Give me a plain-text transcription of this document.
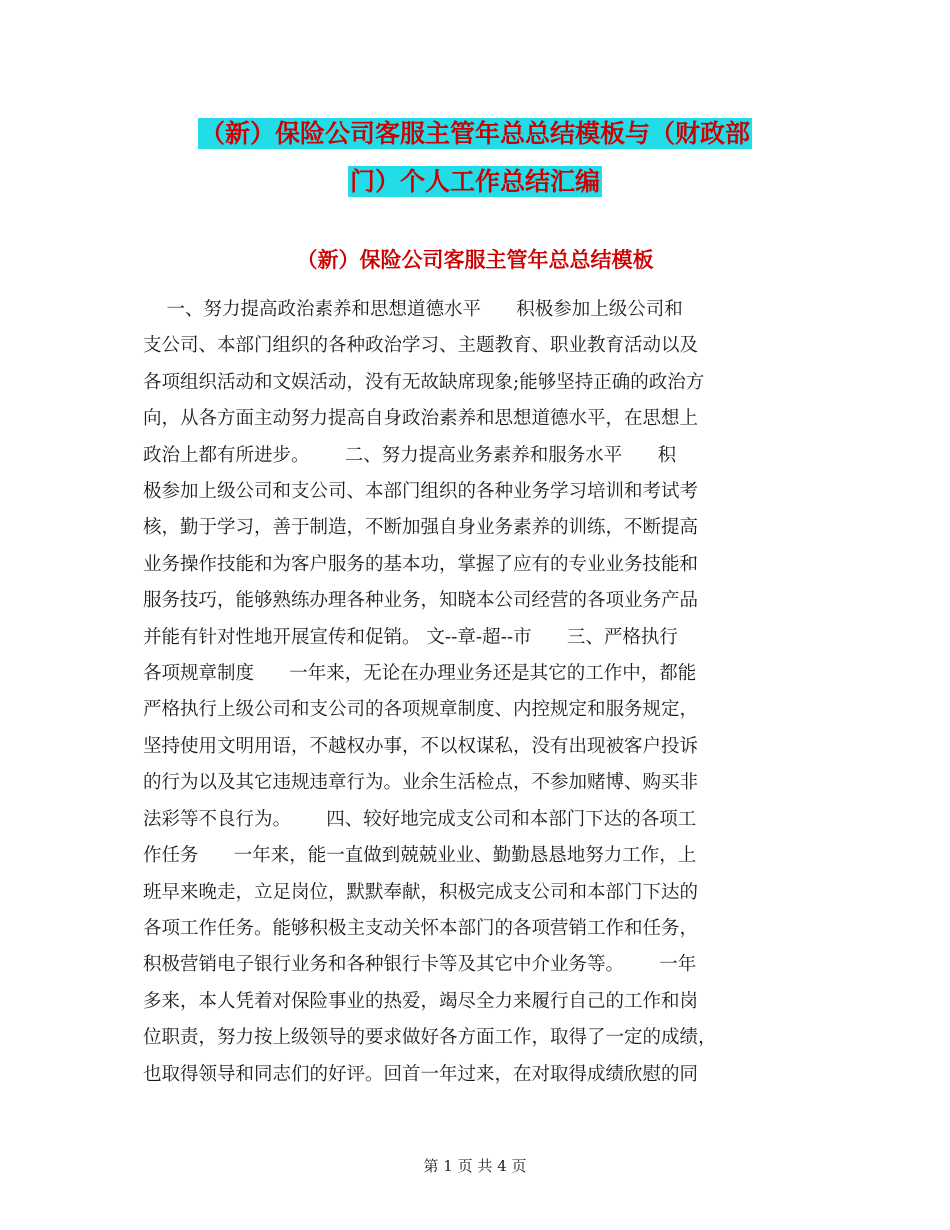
（新）保险公司客服主管年总总结模板与（财政部
门）个人工作总结汇编
（新）保险公司客服主管年总总结模板

一、努力提高政治素养和思想道德水平      积极参加上级公司和
支公司、本部门组织的各种政治学习、主题教育、职业教育活动以及
各项组织活动和文娱活动，没有无故缺席现象;能够坚持正确的政治方
向，从各方面主动努力提高自身政治素养和思想道德水平，在思想上
政治上都有所进步。      二、努力提高业务素养和服务水平      积
极参加上级公司和支公司、本部门组织的各种业务学习培训和考试考
核，勤于学习，善于制造，不断加强自身业务素养的训练，不断提高
业务操作技能和为客户服务的基本功，掌握了应有的专业业务技能和
服务技巧，能够熟练办理各种业务，知晓本公司经营的各项业务产品
并能有针对性地开展宣传和促销。 文--章-超--市      三、严格执行
各项规章制度      一年来，无论在办理业务还是其它的工作中，都能
严格执行上级公司和支公司的各项规章制度、内控规定和服务规定，
坚持使用文明用语，不越权办事，不以权谋私，没有出现被客户投诉
的行为以及其它违规违章行为。业余生活检点，不参加赌博、购买非
法彩等不良行为。      四、较好地完成支公司和本部门下达的各项工
作任务      一年来，能一直做到兢兢业业、勤勤恳恳地努力工作，上
班早来晚走，立足岗位，默默奉献，积极完成支公司和本部门下达的
各项工作任务。能够积极主支动关怀本部门的各项营销工作和任务，
积极营销电子银行业务和各种银行卡等及其它中介业务等。      一年
多来，本人凭着对保险事业的热爱，竭尽全力来履行自己的工作和岗
位职责，努力按上级领导的要求做好各方面工作，取得了一定的成绩，
也取得领导和同志们的好评。回首一年过来，在对取得成绩欣慰的同

第 1 页 共 4 页
